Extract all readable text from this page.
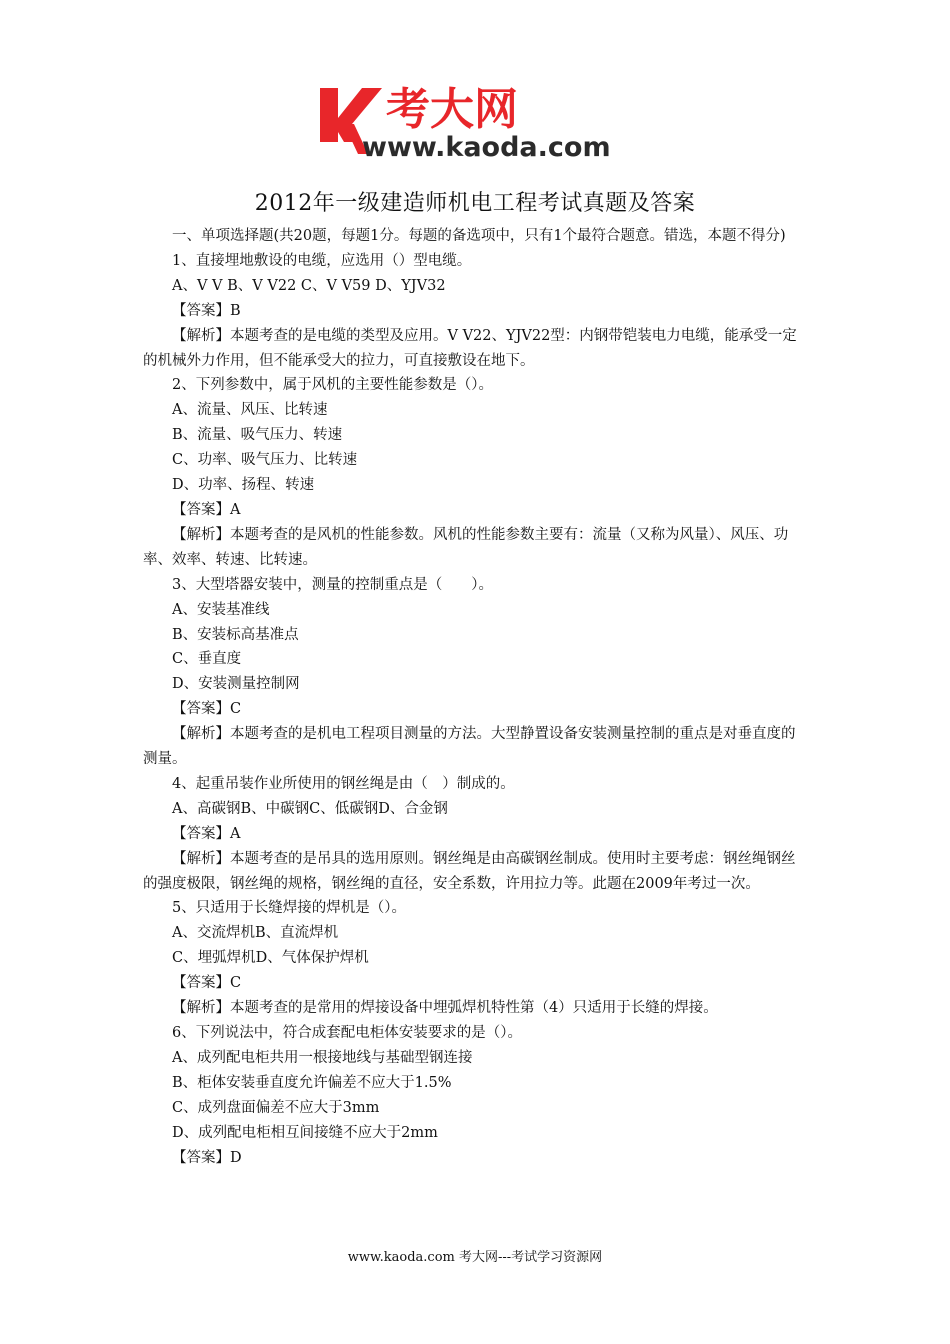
考大网
www.kaoda.com
2012年一级建造师机电工程考试真题及答案
一、单项选择题(共20题，每题1分。每题的备选项中，只有1个最符合题意。错选，本题不得分)
1、直接埋地敷设的电缆，应选用（）型电缆。
A、V V B、V V22 C、V V59 D、YJV32
【答案】B
【解析】本题考查的是电缆的类型及应用。V V22、YJV22型：内钢带铠装电力电缆，能承受一定的机械外力作用，但不能承受大的拉力，可直接敷设在地下。
2、下列参数中，属于风机的主要性能参数是（）。
A、流量、风压、比转速
B、流量、吸气压力、转速
C、功率、吸气压力、比转速
D、功率、扬程、转速
【答案】A
【解析】本题考查的是风机的性能参数。风机的性能参数主要有：流量（又称为风量）、风压、功率、效率、转速、比转速。
3、大型塔器安装中，测量的控制重点是（　　）。
A、安装基准线
B、安装标高基准点
C、垂直度
D、安装测量控制网
【答案】C
【解析】本题考查的是机电工程项目测量的方法。大型静置设备安装测量控制的重点是对垂直度的测量。
4、起重吊装作业所使用的钢丝绳是由（　）制成的。
A、高碳钢B、中碳钢C、低碳钢D、合金钢
【答案】A
【解析】本题考查的是吊具的选用原则。钢丝绳是由高碳钢丝制成。使用时主要考虑：钢丝绳钢丝的强度极限，钢丝绳的规格，钢丝绳的直径，安全系数，许用拉力等。此题在2009年考过一次。
5、只适用于长缝焊接的焊机是（）。
A、交流焊机B、直流焊机
C、埋弧焊机D、气体保护焊机
【答案】C
【解析】本题考查的是常用的焊接设备中埋弧焊机特性第（4）只适用于长缝的焊接。
6、下列说法中，符合成套配电柜体安装要求的是（）。
A、成列配电柜共用一根接地线与基础型钢连接
B、柜体安装垂直度允许偏差不应大于1.5%
C、成列盘面偏差不应大于3mm
D、成列配电柜相互间接缝不应大于2mm
【答案】D
www.kaoda.com 考大网---考试学习资源网
